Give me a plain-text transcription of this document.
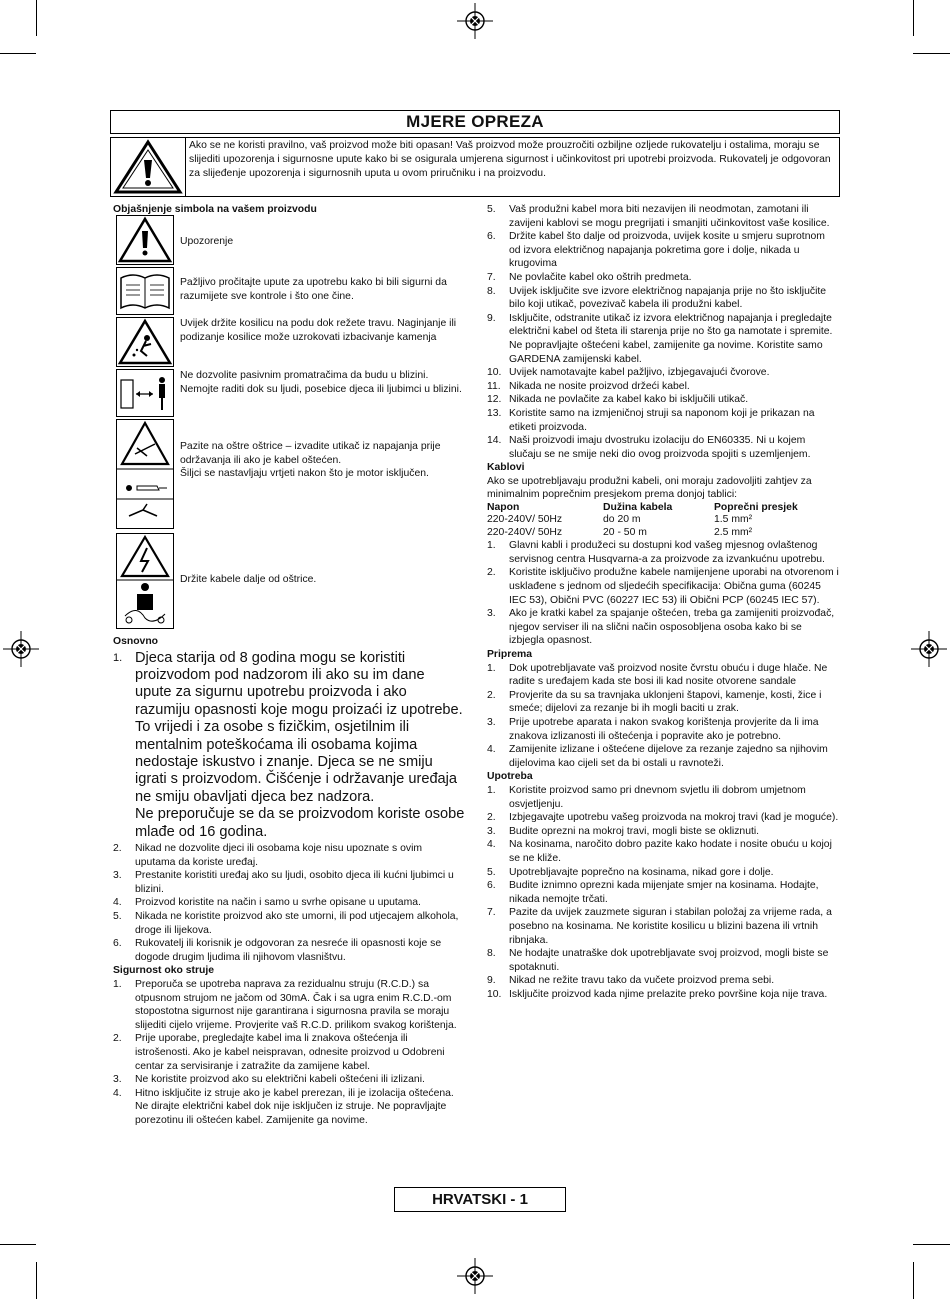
MJERE OPREZA

Ako se ne koristi pravilno, vaš proizvod može biti opasan! Vaš proizvod može prouzročiti ozbiljne ozljede rukovatelju i ostalima, moraju se slijediti upozorenja i sigurnosne upute kako bi se osigurala umjerena sigurnost i učinkovitost pri upotrebi proizvoda. Rukovatelj je odgovoran za slijeđenje upozorenja i sigurnosnih uputa u ovom priručniku i na proizvodu.

Objašnjenje simbola na vašem proizvodu
Upozorenje
Pažljivo pročitajte upute za upotrebu kako bi bili sigurni da razumijete sve kontrole i što one čine.
Uvijek držite kosilicu na podu dok režete travu. Naginjanje ili podizanje kosilice može uzrokovati izbacivanje kamenja
Ne dozvolite pasivnim promatračima da budu u blizini. Nemojte raditi dok su ljudi, posebice djeca ili ljubimci u blizini.
Pazite na oštre oštrice – izvadite utikač iz napajanja prije održavanja ili ako je kabel oštećen.
Šiljci se nastavljaju vrtjeti nakon što je motor isključen.
Držite kabele dalje od oštrice.
Osnovno
1. Djeca starija od 8 godina mogu se koristiti proizvodom pod nadzorom ili ako su im dane upute za sigurnu upotrebu proizvoda i ako razumiju opasnosti koje mogu proizaći iz upotrebe. To vrijedi i za osobe s fizičkim, osjetilnim ili mentalnim poteškoćama ili osobama kojima nedostaje iskustvo i znanje. Djeca se ne smiju igrati s proizvodom. Čišćenje i održavanje uređaja ne smiju obavljati djeca bez nadzora.
Ne preporučuje se da se proizvodom koriste osobe mlađe od 16 godina.
2. Nikad ne dozvolite djeci ili osobama koje nisu upoznate s ovim uputama da koriste uređaj.
3. Prestanite koristiti uređaj ako su ljudi, osobito djeca ili kućni ljubimci u blizini.
4. Proizvod koristite na način i samo u svrhe opisane u uputama.
5. Nikada ne koristite proizvod ako ste umorni, ili pod utjecajem alkohola, droge ili lijekova.
6. Rukovatelj ili korisnik je odgovoran za nesreće ili opasnosti koje se dogode drugim ljudima ili njihovom vlasništvu.
Sigurnost oko struje
1. Preporuča se upotreba naprava za rezidualnu struju (R.C.D.) sa otpusnom strujom ne jačom od 30mA. Čak i sa ugra enim R.C.D.-om stopostotna sigurnost nije garantirana i sigurnosna pravila se moraju slijediti cijelo vrijeme. Provjerite vaš R.C.D. prilikom svakog korištenja.
2. Prije uporabe, pregledajte kabel ima li znakova oštećenja ili istrošenosti. Ako je kabel neispravan, odnesite proizvod u Odobreni centar za servisiranje i zatražite da zamijene kabel.
3. Ne koristite proizvod ako su električni kabeli oštećeni ili izlizani.
4. Hitno isključite iz struje ako je kabel prerezan, ili je izolacija oštećena. Ne dirajte električni kabel dok nije isključen iz struje. Ne popravljajte porezotinu ili oštećen kabel. Zamijenite ga novime.
5. Vaš produžni kabel mora biti nezavijen ili neodmotan, zamotani ili zavijeni kablovi se mogu pregrijati i smanjiti učinkovitost vaše kosilice.
6. Držite kabel što dalje od proizvoda, uvijek kosite u smjeru suprotnom od izvora električnog napajanja pokretima gore i dolje, nikada u krugovima
7. Ne povlačite kabel oko oštrih predmeta.
8. Uvijek isključite sve izvore električnog napajanja prije no što isključite bilo koji utikač, povezivač kabela ili produžni kabel.
9. Isključite, odstranite utikač iz izvora električnog napajanja i pregledajte električni kabel od šteta ili starenja prije no što ga namotate i spremite. Ne popravljajte oštećeni kabel, zamijenite ga novime. Koristite samo GARDENA zamijenski kabel.
10. Uvijek namotavajte kabel pažljivo, izbjegavajući čvorove.
11. Nikada ne nosite proizvod držeći kabel.
12. Nikada ne povlačite za kabel kako bi isključili utikač.
13. Koristite samo na izmjeničnoj struji sa naponom koji je prikazan na etiketi proizvoda.
14. Naši proizvodi imaju dvostruku izolaciju do EN60335. Ni u kojem slučaju se ne smije neki dio ovog proizvoda spojiti s uzemljenjem.
Kablovi

Ako se upotrebljavaju produžni kabeli, oni moraju zadovoljiti zahtjev za minimalnim poprečnim presjekom prema donjoj tablici:

Napon	Dužina kabela	Poprečni presjek
220-240V/ 50Hz	do 20 m	1.5 mm²
220-240V/ 50Hz	20 - 50 m	2.5 mm²
1. Glavni kabli i produžeci su dostupni kod vašeg mjesnog ovlaštenog servisnog centra Husqvarna-a za proizvode za izvankućnu upotrebu.
2. Koristite isključivo produžne kabele namijenjene uporabi na otvorenom i usklađene s jednom od sljedećih specifikacija: Obična guma (60245 IEC 53), Obični PVC (60227 IEC 53) ili Obični PCP (60245 IEC 57).
3. Ako je kratki kabel za spajanje oštećen, treba ga zamijeniti proizvođač, njegov serviser ili na slični način osposobljena osoba kako bi se izbjegla opasnost.
Priprema
1. Dok upotrebljavate vaš proizvod nosite čvrstu obuću i duge hlače. Ne radite s uređajem kada ste bosi ili kad nosite otvorene sandale
2. Provjerite da su sa travnjaka uklonjeni štapovi, kamenje, kosti, žice i smeće; dijelovi za rezanje bi ih mogli baciti u zrak.
3. Prije upotrebe aparata i nakon svakog korištenja provjerite da li ima znakova izlizanosti ili oštećenja i popravite ako je potrebno.
4. Zamijenite izlizane i oštećene dijelove za rezanje zajedno sa njihovim dijelovima kao cijeli set da bi ostali u ravnoteži.
Upotreba
1. Koristite proizvod samo pri dnevnom svjetlu ili dobrom umjetnom osvjetljenju.
2. Izbjegavajte upotrebu vašeg proizvoda na mokroj travi (kad je moguće).
3. Budite oprezni na mokroj travi, mogli biste se okliznuti.
4. Na kosinama, naročito dobro pazite kako hodate i nosite obuću u kojoj se ne kliže.
5. Upotrebljavajte poprečno na kosinama, nikad gore i dolje.
6. Budite iznimno oprezni kada mijenjate smjer na kosinama. Hodajte, nikada nemojte trčati.
7. Pazite da uvijek zauzmete siguran i stabilan položaj za vrijeme rada, a posebno na kosinama. Ne koristite kosilicu u blizini bazena ili vrtnih ribnjaka.
8. Ne hodajte unatraške dok upotrebljavate svoj proizvod, mogli biste se spotaknuti.
9. Nikad ne režite travu tako da vučete proizvod prema sebi.
10. Isključite proizvod kada njime prelazite preko površine koja nije trava.
HRVATSKI - 1
